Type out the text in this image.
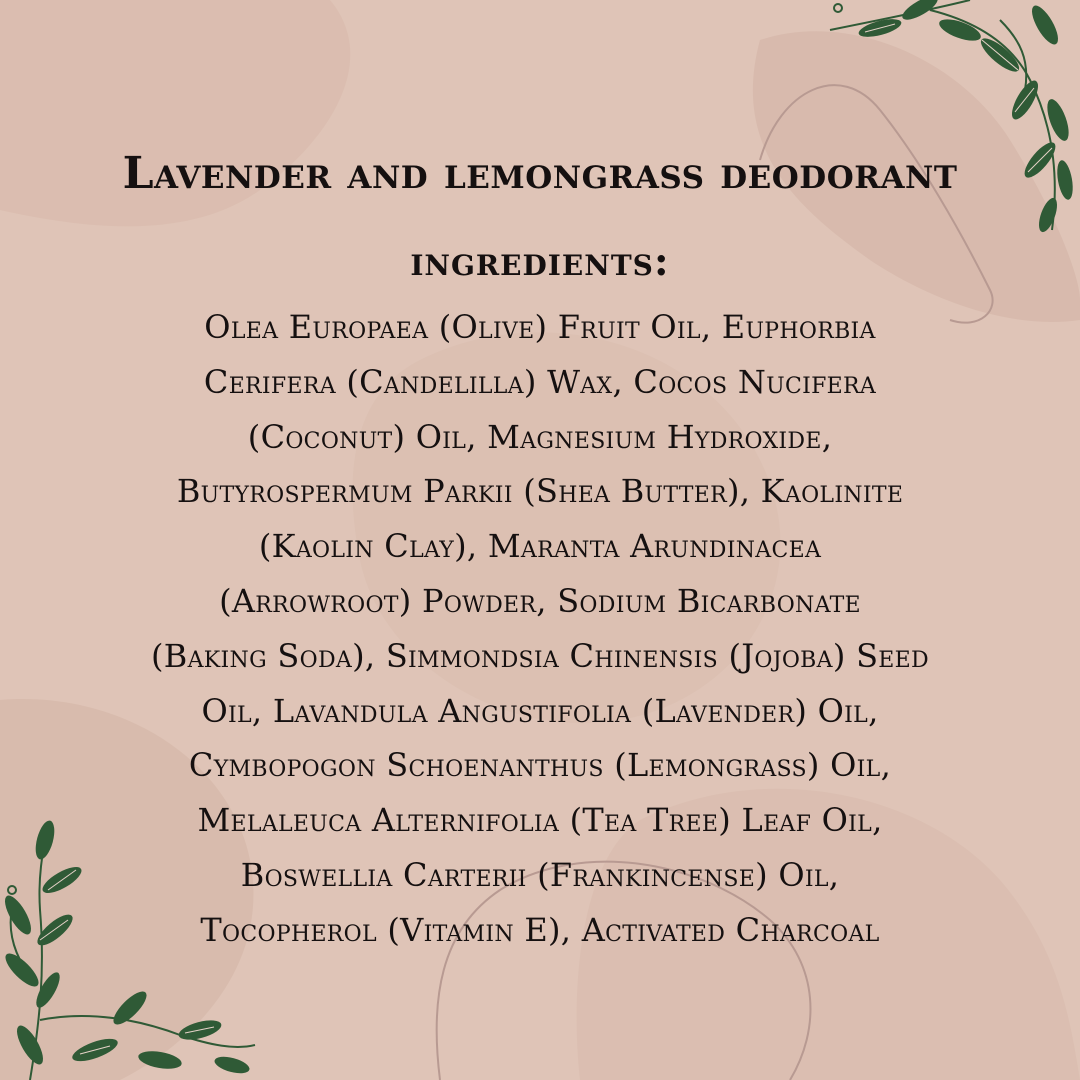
Lavender and lemongrass deodorant
ingredients:
Olea Europaea (Olive) Fruit Oil, Euphorbia
Cerifera (Candelilla) Wax, Cocos Nucifera
(Coconut) Oil, Magnesium Hydroxide,
Butyrospermum Parkii (Shea Butter), Kaolinite
(Kaolin Clay), Maranta Arundinacea
(Arrowroot) Powder, Sodium Bicarbonate
(Baking Soda), Simmondsia Chinensis (Jojoba) Seed
Oil, Lavandula Angustifolia (Lavender) Oil,
Cymbopogon Schoenanthus (Lemongrass) Oil,
Melaleuca Alternifolia (Tea Tree) Leaf Oil,
Boswellia Carterii (Frankincense) Oil,
Tocopherol (Vitamin E), Activated Charcoal
